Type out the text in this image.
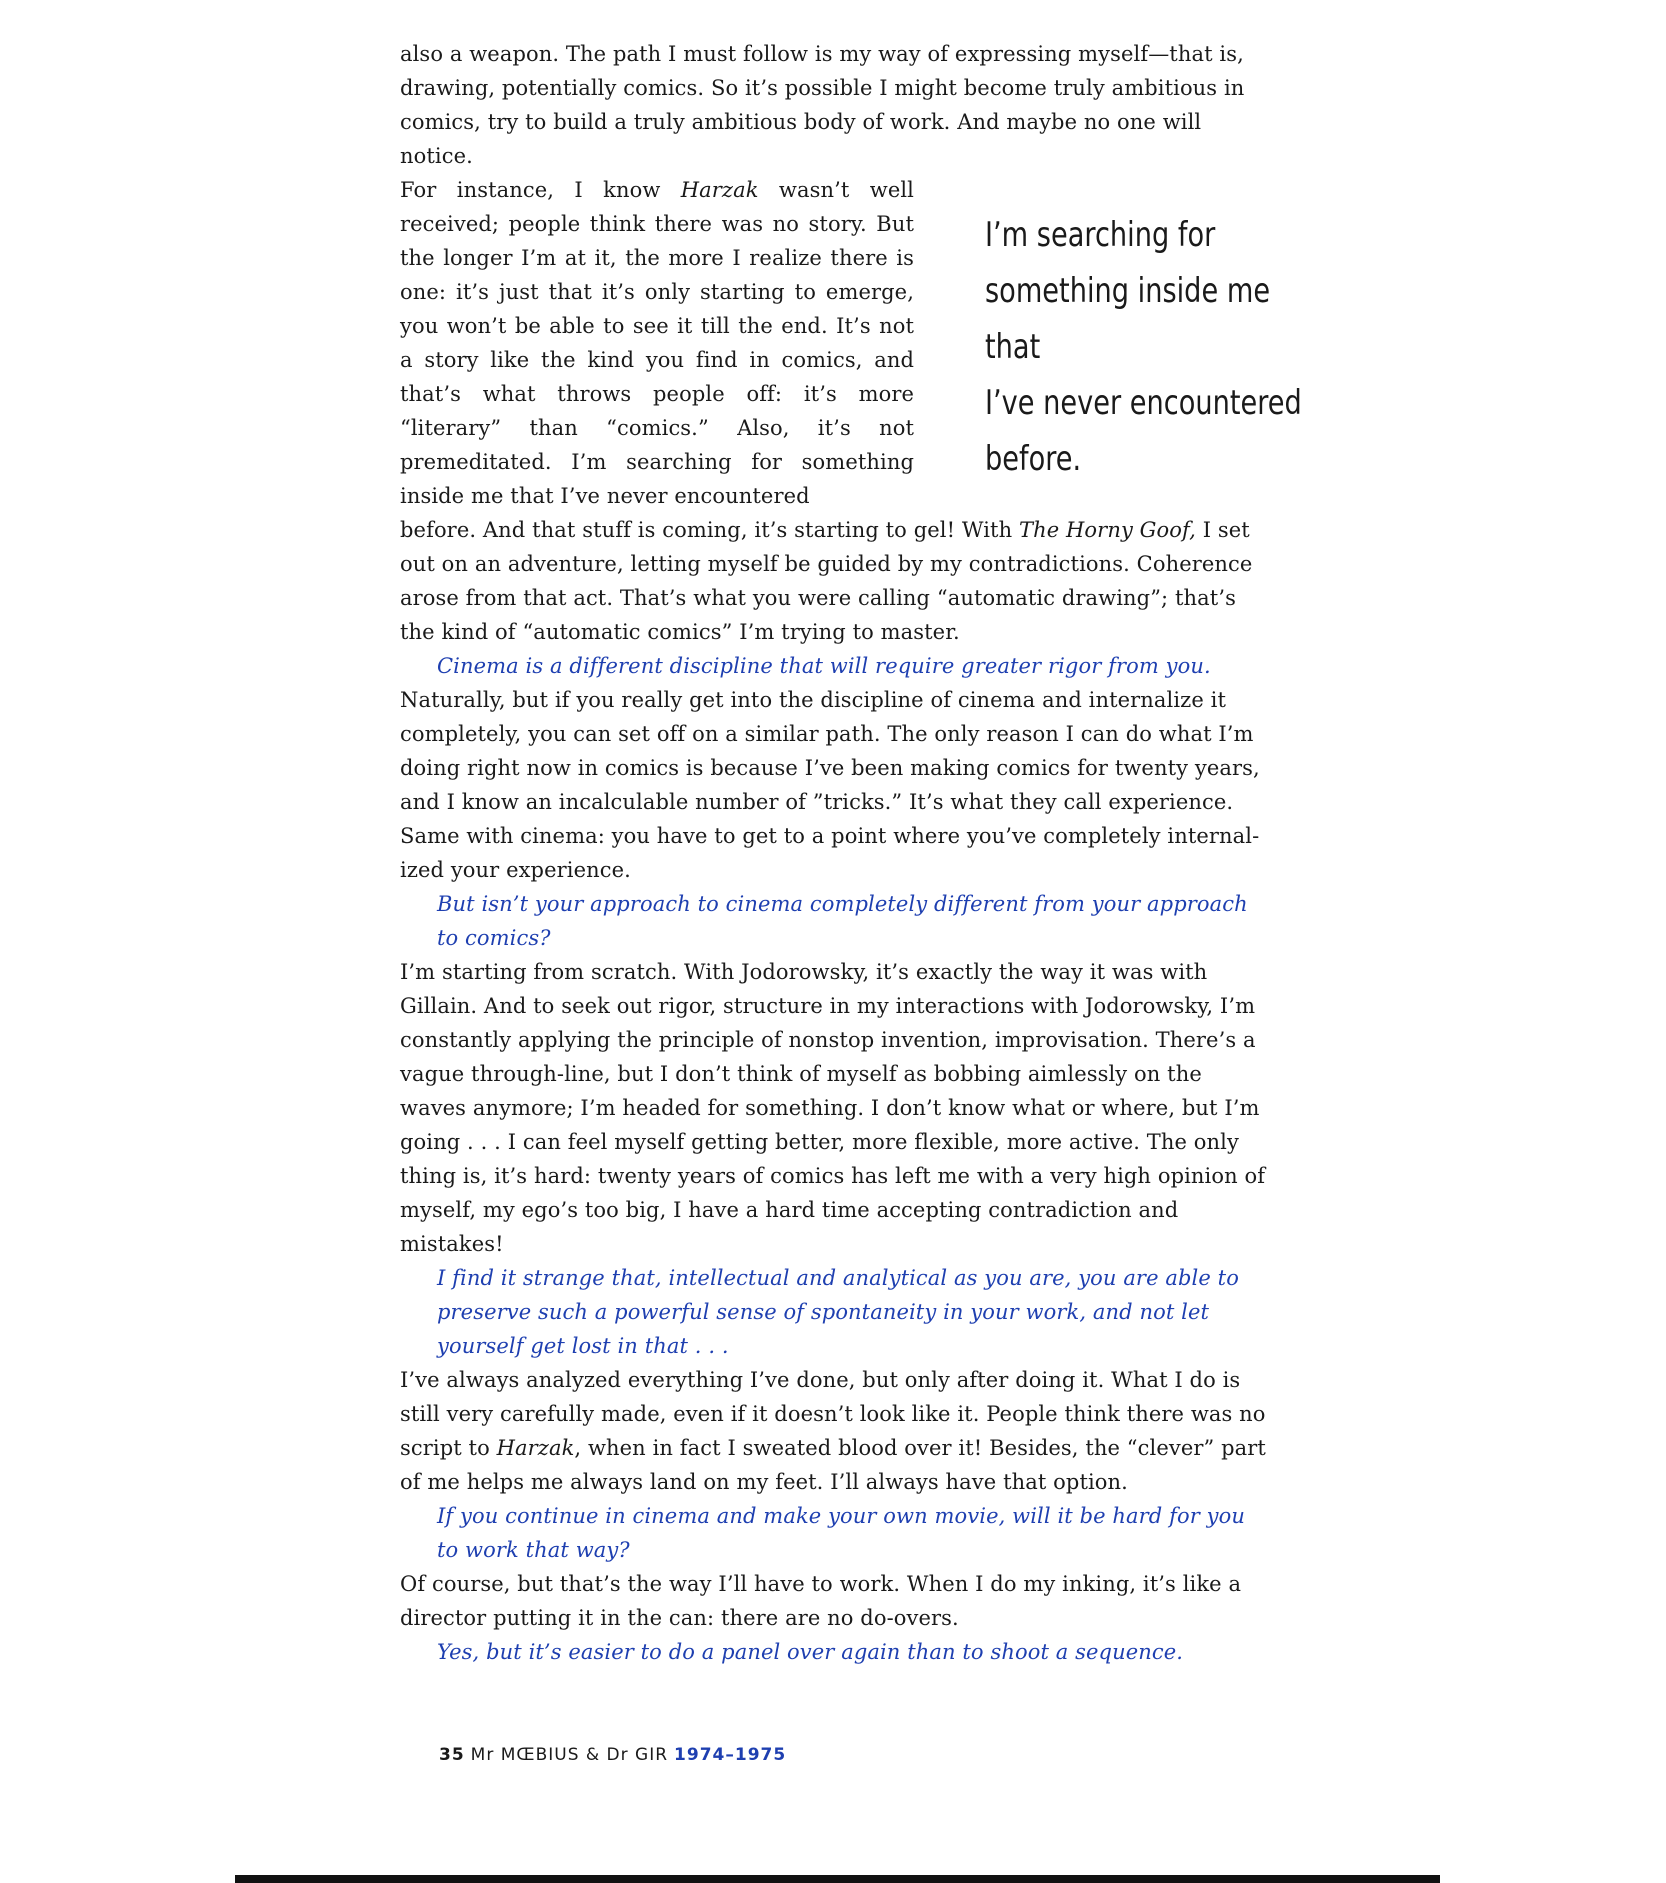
also a weapon. The path I must follow is my way of expressing myself—that is, drawing, potentially comics. So it’s possible I might become truly ambitious in comics, try to build a truly ambitious body of work. And maybe no one will notice.

For instance, I know Harzak wasn’t well received; people think there was no story. But the longer I’m at it, the more I realize there is one: it’s just that it’s only starting to emerge, you won’t be able to see it till the end. It’s not a story like the kind you find in comics, and that’s what throws people off: it’s more “literary” than “comics.” Also, it’s not premeditated. I’m searching for something inside me that I’ve never encountered

before. And that stuff is coming, it’s starting to gel! With The Horny Goof, I set out on an adventure, letting myself be guided by my contradictions. Coherence arose from that act. That’s what you were calling “automatic drawing”; that’s the kind of “automatic comics” I’m trying to master.

Cinema is a different discipline that will require greater rigor from you.

Naturally, but if you really get into the discipline of cinema and internalize it completely, you can set off on a similar path. The only reason I can do what I’m doing right now in comics is because I’ve been making comics for twenty years, and I know an incalculable number of ”tricks.” It’s what they call experience. Same with cinema: you have to get to a point where you’ve completely internal- ized your experience.

But isn’t your approach to cinema completely different from your approach to comics?

I’m starting from scratch. With Jodorowsky, it’s exactly the way it was with Gillain. And to seek out rigor, structure in my interactions with Jodorowsky, I’m constantly applying the principle of nonstop invention, improvisation. There’s a vague through-line, but I don’t think of myself as bobbing aimlessly on the waves anymore; I’m headed for something. I don’t know what or where, but I’m going . . . I can feel myself getting better, more flexible, more active. The only thing is, it’s hard: twenty years of comics has left me with a very high opinion of myself, my ego’s too big, I have a hard time accepting contradiction and mistakes!

I find it strange that, intellectual and analytical as you are, you are able to preserve such a powerful sense of spontaneity in your work, and not let yourself get lost in that . . .

I’ve always analyzed everything I’ve done, but only after doing it. What I do is still very carefully made, even if it doesn’t look like it. People think there was no script to Harzak, when in fact I sweated blood over it! Besides, the “clever” part of me helps me always land on my feet. I’ll always have that option.

If you continue in cinema and make your own movie, will it be hard for you to work that way?

Of course, but that’s the way I’ll have to work. When I do my inking, it’s like a director putting it in the can: there are no do-overs.

Yes, but it’s easier to do a panel over again than to shoot a sequence.

I’m searching for
something inside me that
I’ve never encountered before.
35 Mr MŒBIUS & Dr GIR 1974–1975
